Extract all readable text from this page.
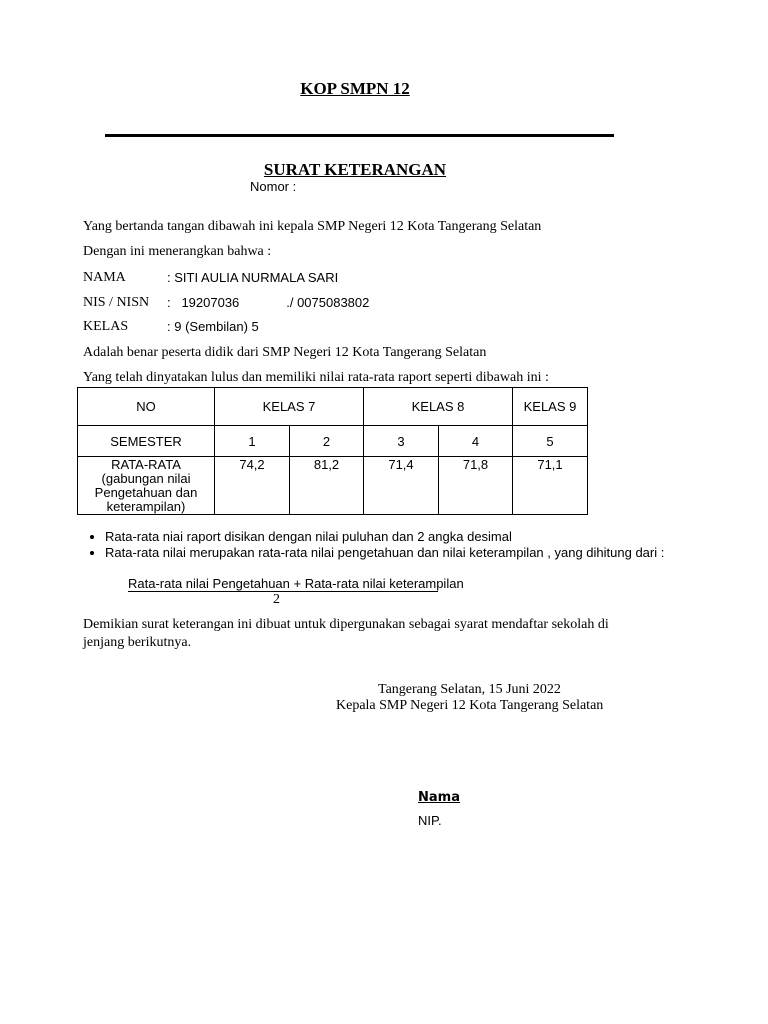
KOP SMPN 12
SURAT KETERANGAN
Nomor :
Yang bertanda tangan dibawah ini kepala SMP Negeri 12 Kota Tangerang Selatan
Dengan ini menerangkan bahwa :
NAMA	: SITI AULIA NURMALA SARI
NIS / NISN :   19207036             ./ 0075083802
KELAS	: 9 (Sembilan) 5
Adalah benar peserta didik dari SMP Negeri 12 Kota Tangerang Selatan
Yang telah dinyatakan lulus dan memiliki nilai rata-rata raport seperti dibawah ini :
NO	KELAS 7		KELAS 8		KELAS 9
SEMESTER	1	2	3	4	5

RATA-RATA
(gabungan nilai
Pengetahuan dan
keterampilan)	74,2	81,2	71,4	71,8	71,1
• Rata-rata niai raport disikan dengan nilai puluhan dan 2 angka desimal
• Rata-rata nilai merupakan rata-rata nilai pengetahuan dan nilai keterampilan , yang dihitung dari :
Rata-rata nilai Pengetahuan + Rata-rata nilai keterampilan
2
Demikian surat keterangan ini dibuat untuk dipergunakan sebagai syarat mendaftar sekolah di jenjang berikutnya.
Tangerang Selatan, 15 Juni 2022
Kepala SMP Negeri 12 Kota Tangerang Selatan
Nama
NIP.
